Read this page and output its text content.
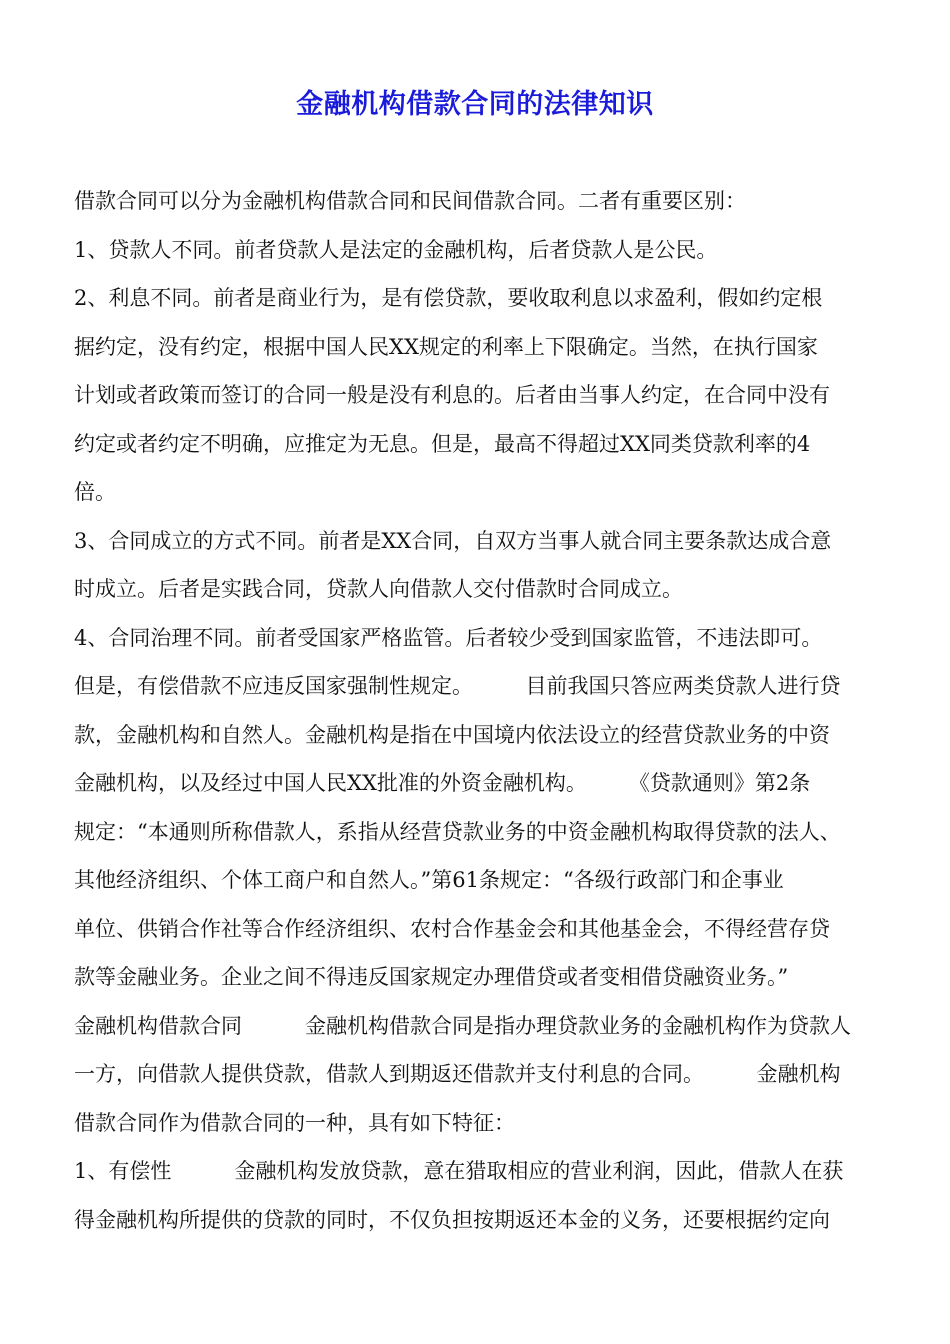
金融机构借款合同的法律知识
借款合同可以分为金融机构借款合同和民间借款合同。二者有重要区别：
1、贷款人不同。前者贷款人是法定的金融机构，后者贷款人是公民。
2、利息不同。前者是商业行为，是有偿贷款，要收取利息以求盈利，假如约定根
据约定，没有约定，根据中国人民XX规定的利率上下限确定。当然，在执行国家
计划或者政策而签订的合同一般是没有利息的。后者由当事人约定，在合同中没有
约定或者约定不明确，应推定为无息。但是，最高不得超过XX同类贷款利率的4
倍。
3、合同成立的方式不同。前者是XX合同，自双方当事人就合同主要条款达成合意
时成立。后者是实践合同，贷款人向借款人交付借款时合同成立。
4、合同治理不同。前者受国家严格监管。后者较少受到国家监管，不违法即可。
但是，有偿借款不应违反国家强制性规定。　　　目前我国只答应两类贷款人进行贷
款，金融机构和自然人。金融机构是指在中国境内依法设立的经营贷款业务的中资
金融机构，以及经过中国人民XX批准的外资金融机构。　　　《贷款通则》第2条
规定：“本通则所称借款人，系指从经营贷款业务的中资金融机构取得贷款的法人、
其他经济组织、个体工商户和自然人。”第61条规定：“各级行政部门和企事业
单位、供销合作社等合作经济组织、农村合作基金会和其他基金会，不得经营存贷
款等金融业务。企业之间不得违反国家规定办理借贷或者变相借贷融资业务。”
金融机构借款合同　　　金融机构借款合同是指办理贷款业务的金融机构作为贷款人
一方，向借款人提供贷款，借款人到期返还借款并支付利息的合同。　　　金融机构
借款合同作为借款合同的一种，具有如下特征：
1、有偿性　　　金融机构发放贷款，意在猎取相应的营业利润，因此，借款人在获
得金融机构所提供的贷款的同时，不仅负担按期返还本金的义务，还要根据约定向
